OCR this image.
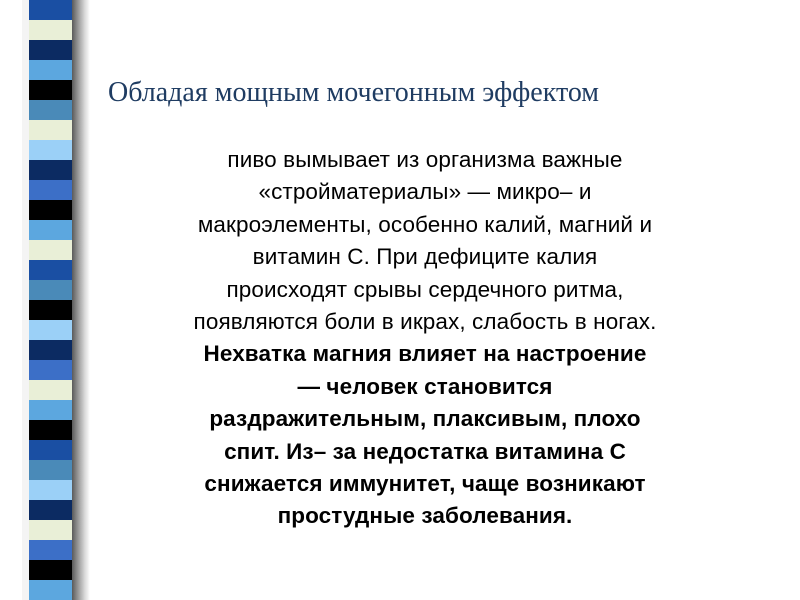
Обладая мощным мочегонным эффектом
пиво вымывает из организма важные
«стройматериалы» — микро– и
макроэлементы, особенно калий, магний и
витамин С. При дефиците калия
происходят срывы сердечного ритма,
появляются боли в икрах, слабость в ногах.
Нехватка магния влияет на настроение
— человек становится
раздражительным, плаксивым, плохо
спит. Из– за недостатка витамина С
снижается иммунитет, чаще возникают
простудные заболевания.
